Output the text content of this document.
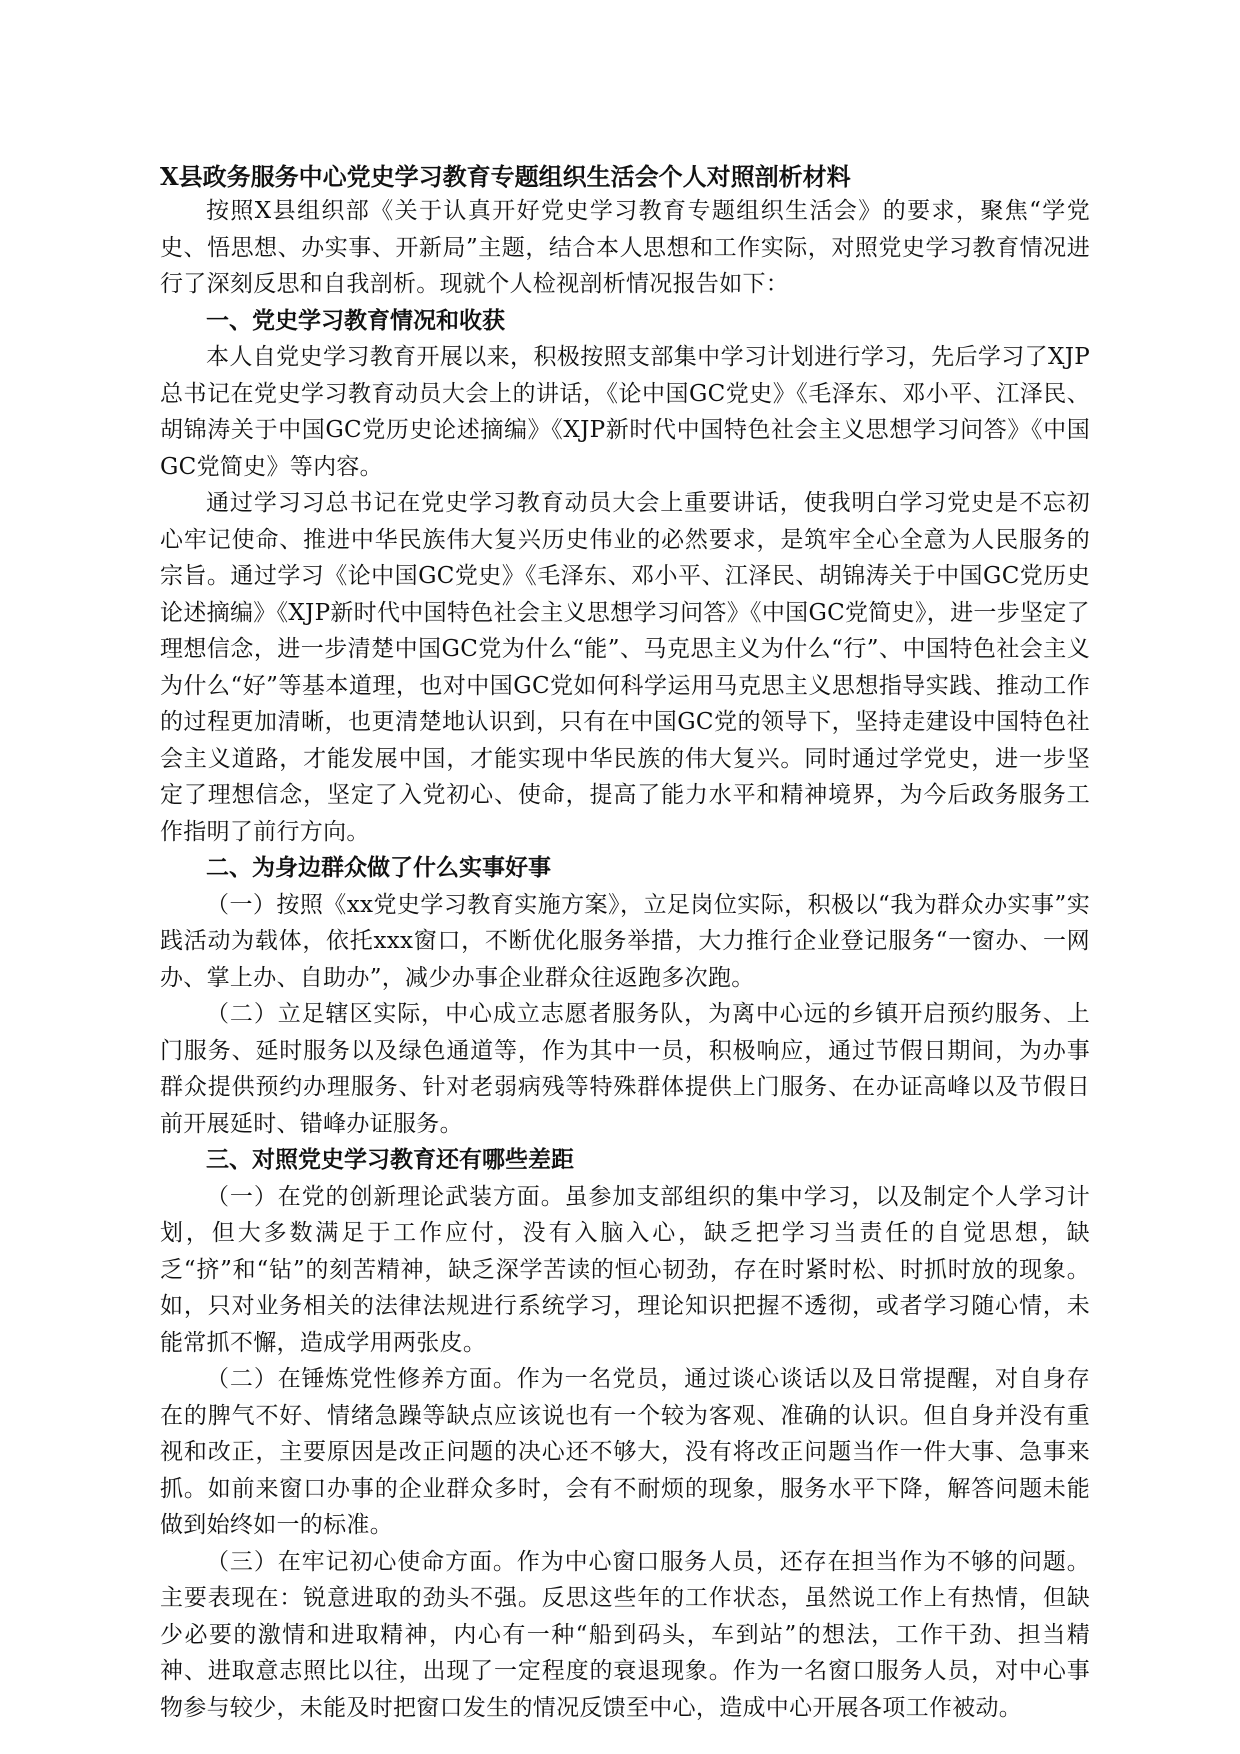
X县政务服务中心党史学习教育专题组织生活会个人对照剖析材料

按照X县组织部《关于认真开好党史学习教育专题组织生活会》的要求，聚焦“学党史、悟思想、办实事、开新局”主题，结合本人思想和工作实际，对照党史学习教育情况进行了深刻反思和自我剖析。现就个人检视剖析情况报告如下：

一、党史学习教育情况和收获

本人自党史学习教育开展以来，积极按照支部集中学习计划进行学习，先后学习了XJP总书记在党史学习教育动员大会上的讲话，《论中国GC党史》《毛泽东、邓小平、江泽民、胡锦涛关于中国GC党历史论述摘编》《XJP新时代中国特色社会主义思想学习问答》《中国GC党简史》等内容。

通过学习习总书记在党史学习教育动员大会上重要讲话，使我明白学习党史是不忘初心牢记使命、推进中华民族伟大复兴历史伟业的必然要求，是筑牢全心全意为人民服务的宗旨。通过学习《论中国GC党史》《毛泽东、邓小平、江泽民、胡锦涛关于中国GC党历史论述摘编》《XJP新时代中国特色社会主义思想学习问答》《中国GC党简史》，进一步坚定了理想信念，进一步清楚中国GC党为什么“能”、马克思主义为什么“行”、中国特色社会主义为什么“好”等基本道理，也对中国GC党如何科学运用马克思主义思想指导实践、推动工作的过程更加清晰，也更清楚地认识到，只有在中国GC党的领导下，坚持走建设中国特色社会主义道路，才能发展中国，才能实现中华民族的伟大复兴。同时通过学党史，进一步坚定了理想信念，坚定了入党初心、使命，提高了能力水平和精神境界，为今后政务服务工作指明了前行方向。

二、为身边群众做了什么实事好事

（一）按照《xx党史学习教育实施方案》，立足岗位实际，积极以“我为群众办实事”实践活动为载体，依托xxx窗口，不断优化服务举措，大力推行企业登记服务“一窗办、一网办、掌上办、自助办”，减少办事企业群众往返跑多次跑。

（二）立足辖区实际，中心成立志愿者服务队，为离中心远的乡镇开启预约服务、上门服务、延时服务以及绿色通道等，作为其中一员，积极响应，通过节假日期间，为办事群众提供预约办理服务、针对老弱病残等特殊群体提供上门服务、在办证高峰以及节假日前开展延时、错峰办证服务。

三、对照党史学习教育还有哪些差距

（一）在党的创新理论武装方面。虽参加支部组织的集中学习，以及制定个人学习计划，但大多数满足于工作应付，没有入脑入心，缺乏把学习当责任的自觉思想，缺乏“挤”和“钻”的刻苦精神，缺乏深学苦读的恒心韧劲，存在时紧时松、时抓时放的现象。如，只对业务相关的法律法规进行系统学习，理论知识把握不透彻，或者学习随心情，未能常抓不懈，造成学用两张皮。

（二）在锤炼党性修养方面。作为一名党员，通过谈心谈话以及日常提醒，对自身存在的脾气不好、情绪急躁等缺点应该说也有一个较为客观、准确的认识。但自身并没有重视和改正，主要原因是改正问题的决心还不够大，没有将改正问题当作一件大事、急事来抓。如前来窗口办事的企业群众多时，会有不耐烦的现象，服务水平下降，解答问题未能做到始终如一的标准。

（三）在牢记初心使命方面。作为中心窗口服务人员，还存在担当作为不够的问题。主要表现在：锐意进取的劲头不强。反思这些年的工作状态，虽然说工作上有热情，但缺少必要的激情和进取精神，内心有一种“船到码头，车到站”的想法，工作干劲、担当精神、进取意志照比以往，出现了一定程度的衰退现象。作为一名窗口服务人员，对中心事物参与较少，未能及时把窗口发生的情况反馈至中心，造成中心开展各项工作被动。
